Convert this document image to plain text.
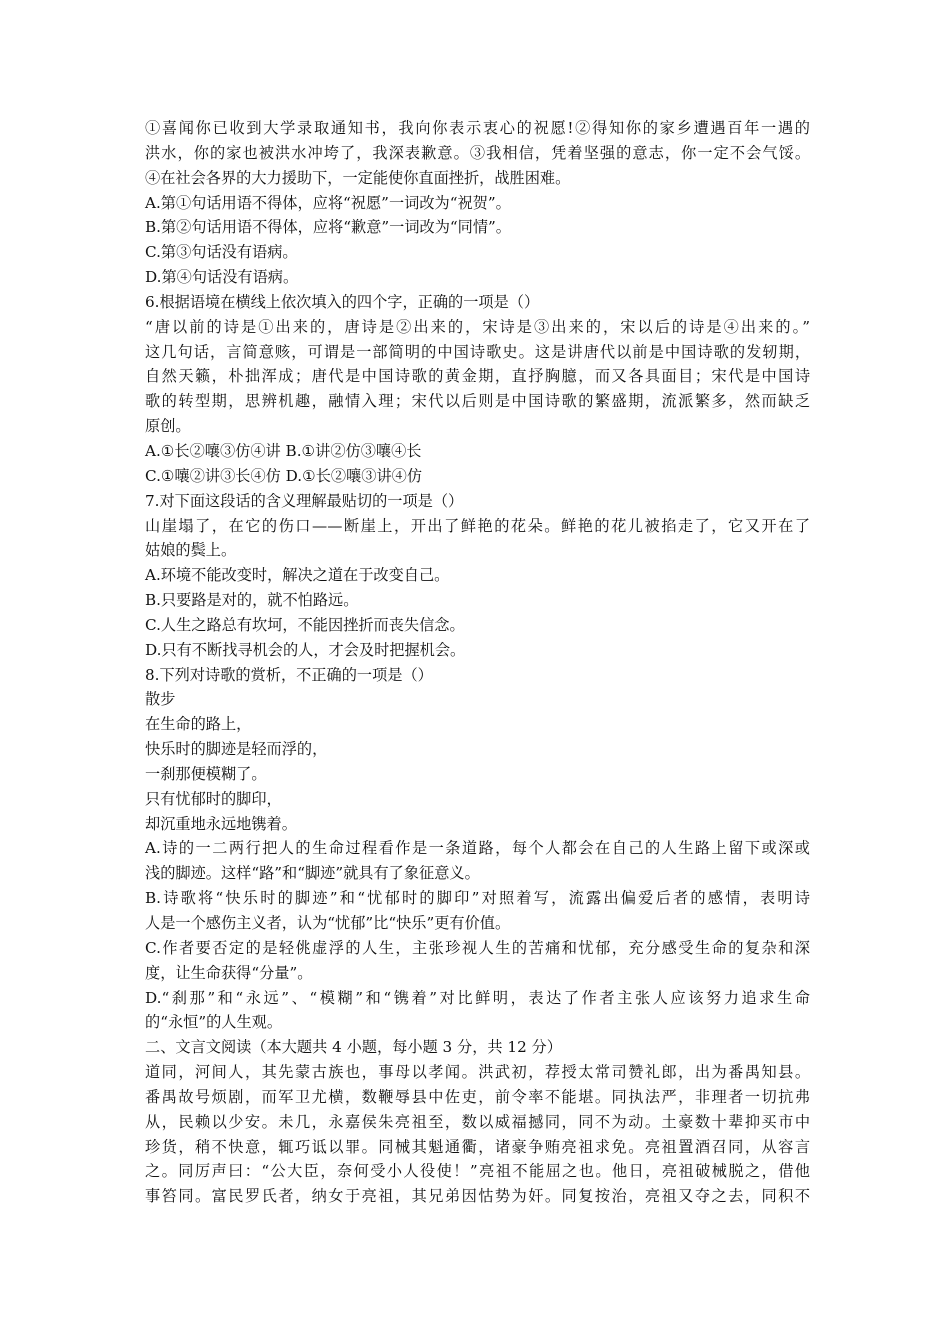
①喜闻你已收到大学录取通知书，我向你表示衷心的祝愿!②得知你的家乡遭遇百年一遇的
洪水，你的家也被洪水冲垮了，我深表歉意。③我相信，凭着坚强的意志，你一定不会气馁。
④在社会各界的大力援助下，一定能使你直面挫折，战胜困难。
A.第①句话用语不得体，应将“祝愿”一词改为“祝贺”。
B.第②句话用语不得体，应将“歉意”一词改为“同情”。
C.第③句话没有语病。
D.第④句话没有语病。
6.根据语境在横线上依次填入的四个字，正确的一项是（）
“唐以前的诗是①出来的，唐诗是②出来的，宋诗是③出来的，宋以后的诗是④出来的。”
这几句话，言简意赅，可谓是一部简明的中国诗歌史。这是讲唐代以前是中国诗歌的发轫期，
自然天籁，朴拙浑成；唐代是中国诗歌的黄金期，直抒胸臆，而又各具面目；宋代是中国诗
歌的转型期，思辨机趣，融情入理；宋代以后则是中国诗歌的繁盛期，流派繁多，然而缺乏
原创。
A.①长②嚷③仿④讲 B.①讲②仿③嚷④长
C.①嚷②讲③长④仿 D.①长②嚷③讲④仿
7.对下面这段话的含义理解最贴切的一项是（）
山崖塌了，在它的伤口——断崖上，开出了鲜艳的花朵。鲜艳的花儿被掐走了，它又开在了
姑娘的鬓上。
A.环境不能改变时，解决之道在于改变自己。
B.只要路是对的，就不怕路远。
C.人生之路总有坎坷，不能因挫折而丧失信念。
D.只有不断找寻机会的人，才会及时把握机会。
8.下列对诗歌的赏析，不正确的一项是（）
散步
在生命的路上，
快乐时的脚迹是轻而浮的，
一刹那便模糊了。
只有忧郁时的脚印，
却沉重地永远地镌着。
A.诗的一二两行把人的生命过程看作是一条道路，每个人都会在自己的人生路上留下或深或
浅的脚迹。这样“路”和“脚迹”就具有了象征意义。
B.诗歌将“快乐时的脚迹”和“忧郁时的脚印”对照着写，流露出偏爱后者的感情，表明诗
人是一个感伤主义者，认为“忧郁”比“快乐”更有价值。
C.作者要否定的是轻佻虚浮的人生，主张珍视人生的苦痛和忧郁，充分感受生命的复杂和深
度，让生命获得“分量”。
D.“刹那”和“永远”、“模糊”和“镌着”对比鲜明，表达了作者主张人应该努力追求生命
的“永恒”的人生观。
二、文言文阅读（本大题共 4 小题，每小题 3 分，共 12 分）
道同，河间人，其先蒙古族也，事母以孝闻。洪武初，荐授太常司赞礼郎，出为番禺知县。
番禺故号烦剧，而军卫尤横，数鞭辱县中佐吏，前令率不能堪。同执法严，非理者一切抗弗
从，民赖以少安。未几，永嘉侯朱亮祖至，数以威福撼同，同不为动。土豪数十辈抑买市中
珍货，稍不快意，辄巧诋以罪。同械其魁通衢，诸豪争贿亮祖求免。亮祖置酒召同，从容言
之。同厉声曰：“公大臣，奈何受小人役使！”亮祖不能屈之也。他日，亮祖破械脱之，借他
事笞同。富民罗氏者，纳女于亮祖，其兄弟因怙势为奸。同复按治，亮祖又夺之去，同积不
